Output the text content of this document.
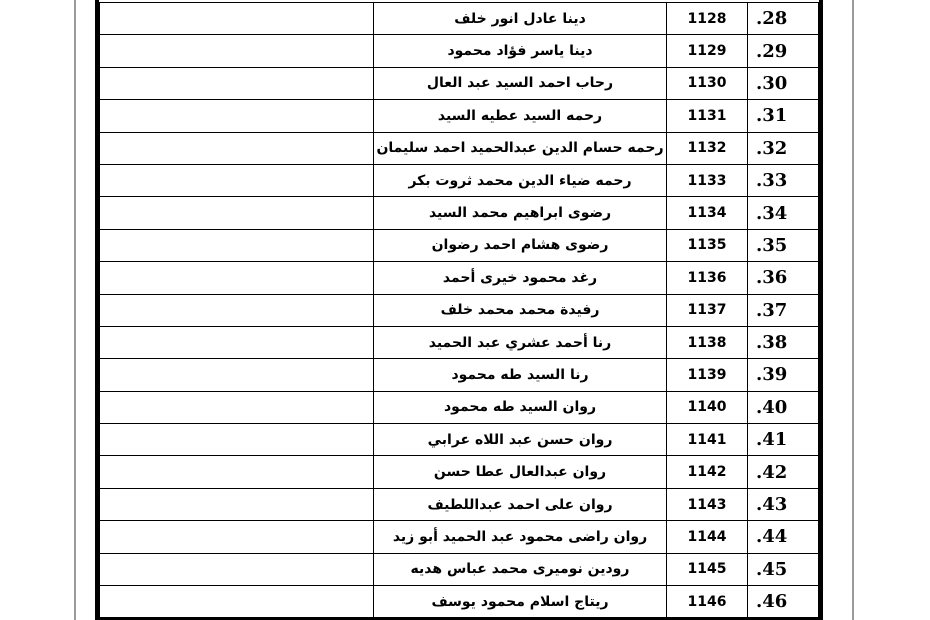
28.	1128	دينا عادل انور خلف	
29.	1129	دينا ياسر فؤاد محمود	
30.	1130	رحاب احمد السيد عبد العال	
31.	1131	رحمه السيد عطيه السيد	
32.	1132	رحمه حسام الدين عبدالحميد احمد سليمان	
33.	1133	رحمه ضياء الدين محمد ثروت بكر	
34.	1134	رضوى ابراهيم محمد السيد	
35.	1135	رضوى هشام احمد رضوان	
36.	1136	رغد محمود خيرى أحمد	
37.	1137	رفيدة محمد محمد خلف	
38.	1138	رنا أحمد عشري عبد الحميد	
39.	1139	رنا السيد طه محمود	
40.	1140	روان السيد طه محمود	
41.	1141	روان حسن عبد اللاه عرابي	
42.	1142	روان عبدالعال عطا حسن	
43.	1143	روان على احمد عبداللطيف	
44.	1144	روان راضى محمود عبد الحميد أبو زيد	
45.	1145	رودين نوميرى محمد عباس هديه	
46.	1146	ريتاج اسلام محمود يوسف	
